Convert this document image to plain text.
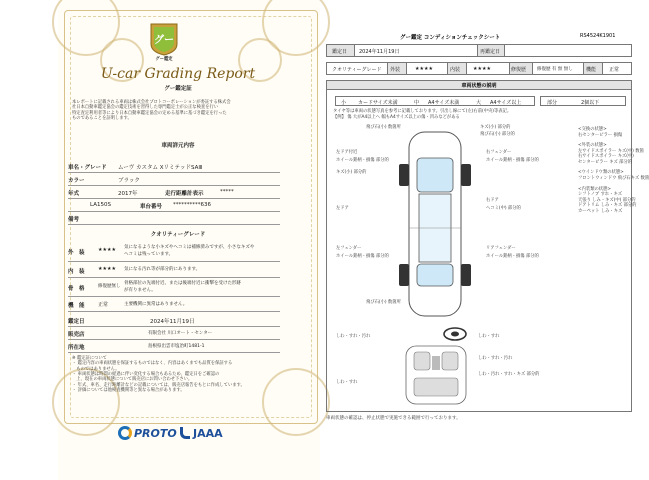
グー
グー鑑定
U-car Grading Report
グー鑑定証
本レポートに記載される車両は株式会社プロトコーポレーションが委託する株式会
社日本自動車鑑定協会の鑑定技術を習得した専門鑑定士が公正な検査を行い
特定査定利用者等により日本自動車鑑定協会の定める基準に基づき鑑定を行った
ものであることを証明します。
車両詳元内容
車名・グレード ムーヴ カスタム XリミテッドSAⅢ
カラー	ブラック
年式	2017年	走行距離計表示	*****
LA150S	車台番号 **********636
備考
クオリティーグレード
外　装	★★★★ 気になるような小キズやヘコミは補修済みですが、小さなキズや
ヘコミは残っています。
内　装	★★★★ 気になる汚れ等が部分的にあります。
骨　格	修復歴無し
骨格部位の先端付近、または後端付近に衝撃を受けた形跡
が有りません。
機　能	正常	主要機関に異常はありません。
鑑定日	2024年11月19日
販売店	有限会社 川口オート・センター
所在地	島根県出雲市塩冶町1481-1
※ 鑑定証について
・ 鑑定内容の車両状態を保証するものではなく、内容はあくまでも品質を保証する
　ものではありません。
・ 車両状態は時間の経過に伴い変化する場合もあるため、鑑定日をご確認の
　上、現在の車両状態について販売店にお問い合わせ下さい。
・ 年式、車名、走行距離計などの記載については、販売店報告をもとに作成しています。
・ 評価については他検査機関等と異なる場合があります。
PROTO JAAA
グー鑑定 コンディションチェックシート	RS4524K1901
鑑定日 2024年11月19日	再鑑定日
クオリティーグレード 外装	★★★★	内装	★★★★	修復歴 修復歴 有 無 無し	機能	正常
車両状態の説明
小 カードサイズ未満	中 A4サイズ未満	大 A4サイズ以上	部分	2個以下
タイヤ等は車両の状態写真を参考に記載しております。引出し線にて(左)右前(中央)等表記。
【例】 傷 大がA4以上ヘ 幅もA4サイズ以上の傷・凹みなどがある
飛び石(小) 数箇所
左ドア付近
ホイール銘柄・損傷 部分的
キズ(小) 部分的
左ドア
左フェンダー
ホイール銘柄・損傷 部分的
飛び石(小) 数箇所
キズ(小) 部分的
飛び石(小) 部分的
右フェンダー
ホイール銘柄・損傷 部分的
右ドア
ヘコミ(中) 部分的
リアフェンダー
ホイール銘柄・損傷 部分的
<交換の状態>
右センターピラー 損傷
<外装の状態>
左サイドスポイラー キズ(中) 数箇
右サイドスポイラー キズ(中)
センターピラー キズ 部分的
<ウインドウ類の状態>
フロントウィンドウ 飛び石キズ 数箇
<内装類の状態>
シフトノブ すれ・キズ
天張り しみ・キズ(中) 部分的
ドアトリム しみ・キズ 部分的
カーペット しみ・キズ
しわ・すれ・汚れ
しわ・すれ
しわ・すれ
しわ・すれ・汚れ
しわ・汚れ・すれ・キズ 部分的
車両状態の確認は、停止状態で実施できる範囲で行っております。
